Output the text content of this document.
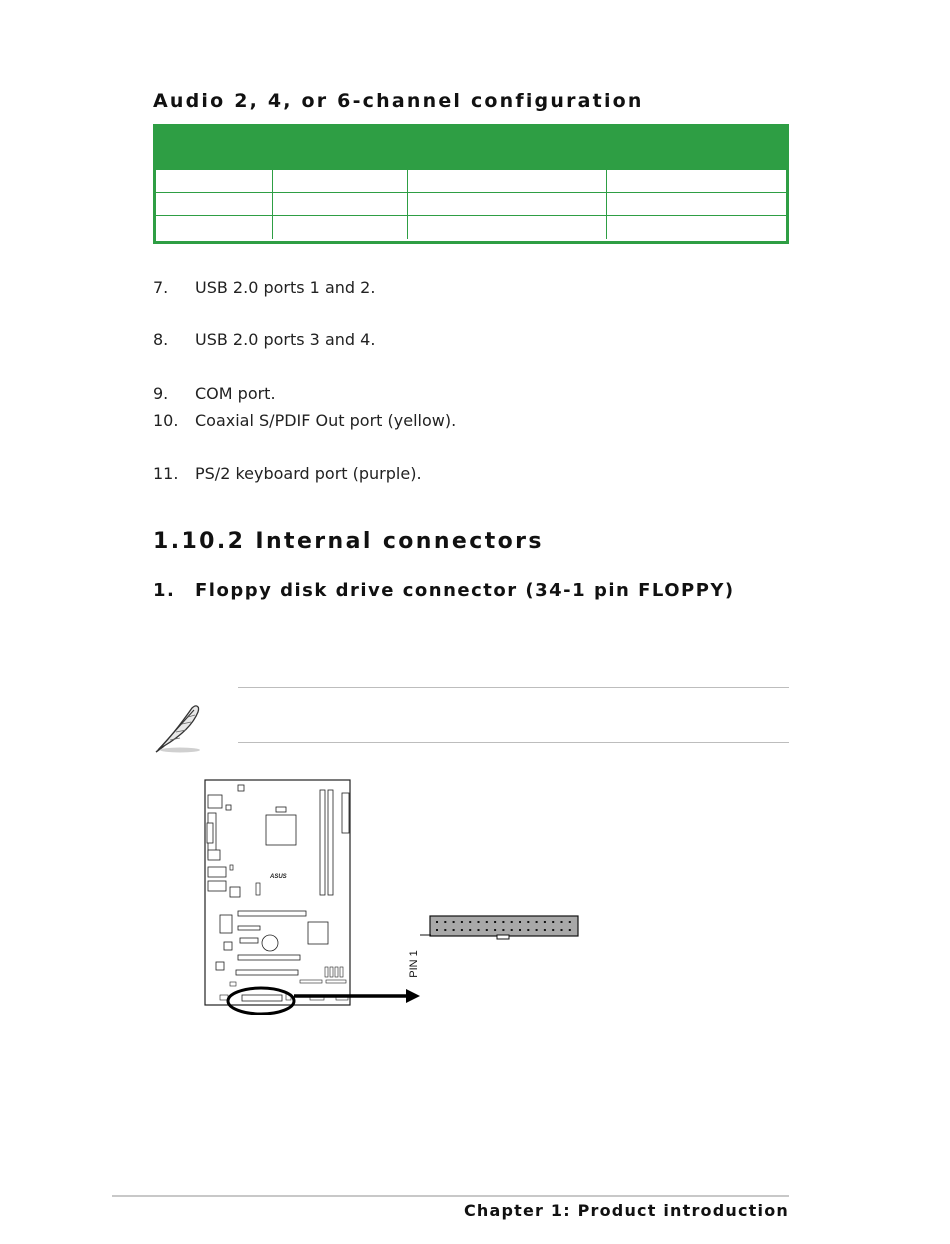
Audio 2, 4, or 6-channel configuration

7. USB 2.0 ports 1 and 2.

8. USB 2.0 ports 3 and 4.

9. COM port.

10. Coaxial S/PDIF Out port (yellow).

11. PS/2 keyboard port (purple).

1.10.2 Internal connectors
1. Floppy disk drive connector (34-1 pin FLOPPY)
ASUS
PIN 1

Chapter 1: Product introduction
